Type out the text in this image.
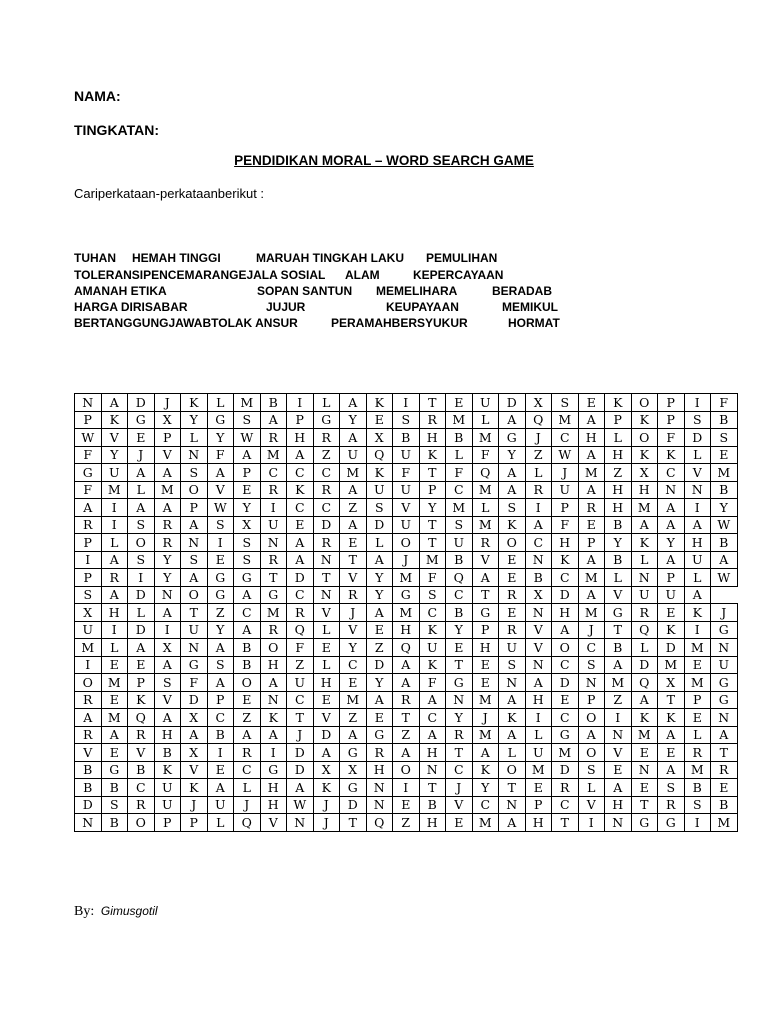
NAMA:
TINGKATAN:
PENDIDIKAN MORAL – WORD SEARCH GAME
Cariperkataan-perkataanberikut :
TUHAN HEMAH TINGGI	MARUAH TINGKAH LAKU PEMULIHAN
TOLERANSIPENCEMARANGEJALA SOSIAL ALAM	KEPERCAYAAN
AMANAH ETIKA	SOPAN SANTUN MEMELIHARA	BERADAB
HARGA DIRISABAR	JUJUR	KEUPAYAAN	MEMIKUL
BERTANGGUNGJAWABTOLAK ANSUR	PERAMAHBERSYUKUR	HORMAT
N	A	D	J	K	L	M	B	I	L	A	K	I	T	E	U	D	X	S	E	K	O	P	I	F
P	K	G	X	Y	G	S	A	P	G	Y	E	S	R	M	L	A	Q	M	A	P	K	P	S	B
W	V	E	P	L	Y	W	R	H	R	A	X	B	H	B	M	G	J	C	H	L	O	F	D	S
F	Y	J	V	N	F	A	M	A	Z	U	Q	U	K	L	F	Y	Z	W	A	H	K	K	L	E
G	U	A	A	S	A	P	C	C	C	M	K	F	T	F	Q	A	L	J	M	Z	X	C	V	M
F	M	L	M	O	V	E	R	K	R	A	U	U	P	C	M	A	R	U	A	H	H	N	N	B
A	I	A	A	P	W	Y	I	C	C	Z	S	V	Y	M	L	S	I	P	R	H	M	A	I	Y
R	I	S	R	A	S	X	U	E	D	A	D	U	T	S	M	K	A	F	E	B	A	A	A	W
P	L	O	R	N	I	S	N	A	R	E	L	O	T	U	R	O	C	H	P	Y	K	Y	H	B
I	A	S	Y	S	E	S	R	A	N	T	A	J	M	B	V	E	N	K	A	B	L	A	U	A
P	R	I	Y	A	G	G	T	D	T	V	Y	M	F	Q	A	E	B	C	M	L	N	P	L	W
S	A	D	N	O	G	A	G	C	N	R	Y	G	S	C	T	R	X	D	A	V	U	U	A	
X	H	L	A	T	Z	C	M	R	V	J	A	M	C	B	G	E	N	H	M	G	R	E	K	J
U	I	D	I	U	Y	A	R	Q	L	V	E	H	K	Y	P	R	V	A	J	T	Q	K	I	G
M	L	A	X	N	A	B	O	F	E	Y	Z	Q	U	E	H	U	V	O	C	B	L	D	M	N
I	E	E	A	G	S	B	H	Z	L	C	D	A	K	T	E	S	N	C	S	A	D	M	E	U
O	M	P	S	F	A	O	A	U	H	E	Y	A	F	G	E	N	A	D	N	M	Q	X	M	G
R	E	K	V	D	P	E	N	C	E	M	A	R	A	N	M	A	H	E	P	Z	A	T	P	G
A	M	Q	A	X	C	Z	K	T	V	Z	E	T	C	Y	J	K	I	C	O	I	K	K	E	N
R	A	R	H	A	B	A	A	J	D	A	G	Z	A	R	M	A	L	G	A	N	M	A	L	A
V	E	V	B	X	I	R	I	D	A	G	R	A	H	T	A	L	U	M	O	V	E	E	R	T
B	G	B	K	V	E	C	G	D	X	X	H	O	N	C	K	O	M	D	S	E	N	A	M	R
B	B	C	U	K	A	L	H	A	K	G	N	I	T	J	Y	T	E	R	L	A	E	S	B	E
D	S	R	U	J	U	J	H	W	J	D	N	E	B	V	C	N	P	C	V	H	T	R	S	B
N	B	O	P	P	L	Q	V	N	J	T	Q	Z	H	E	M	A	H	T	I	N	G	G	I	M
By: Gimusgotil
